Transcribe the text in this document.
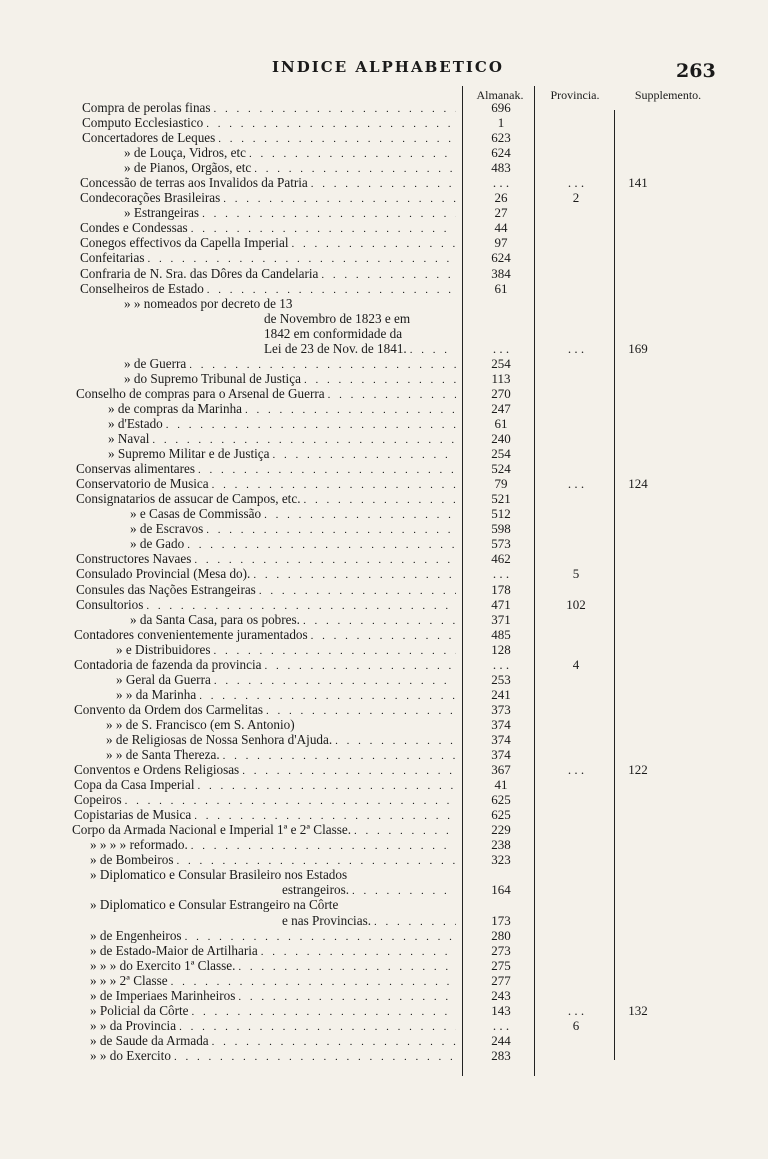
INDICE ALPHABETICO	263
Almanak.	Provincia.	Supplemento.
Compra de perolas finas . . .	696
Computo Ecclesiastico . . .	1
Concertadores de Leques . . .	623
» de Louça, Vidros, etc . . .	624
» de Pianos, Orgãos, etc . . .	483
Concessão de terras aos Invalidos da Patria . . .	. . .	. . .	141
Condecorações Brasileiras . . .	26	2
» Estrangeiras . . .	27
Condes e Condessas . . .	44
Conegos effectivos da Capella Imperial . . .	97
Confeitarias . . .	624
Confraria de N. Sra. das Dôres da Candelaria . . .	384
Conselheiros de Estado . . .	61
» » nomeados por decreto de 13
de Novembro de 1823 e em
1842 em conformidade da
Lei de 23 de Nov. de 1841. . . .	. . .	. . .	169
» de Guerra . . .	254
» do Supremo Tribunal de Justiça . . .	113
Conselho de compras para o Arsenal de Guerra . . .	270
» de compras da Marinha . . .	247
» d'Estado . . .	61
» Naval . . .	240
» Supremo Militar e de Justiça . . .	254
Conservas alimentares . . .	524
Conservatorio de Musica . . .	79	. . .	124
Consignatarios de assucar de Campos, etc. . . .	521
» e Casas de Commissão . . .	512
» de Escravos . . .	598
» de Gado . . .	573
Constructores Navaes . . .	462
Consulado Provincial (Mesa do). . . .	. . .	5
Consules das Nações Estrangeiras . . .	178
Consultorios . . .	471	102
» da Santa Casa, para os pobres. . . .	371
Contadores convenientemente juramentados . . .	485
» e Distribuidores . . .	128
Contadoria de fazenda da provincia . . .	. . .	4
» Geral da Guerra . . .	253
» » da Marinha . . .	241
Convento da Ordem dos Carmelitas . . .	373
» » de S. Francisco (em S. Antonio)	374
» de Religiosas de Nossa Senhora d'Ajuda. . . .	374
» » de Santa Thereza. . . .	374
Conventos e Ordens Religiosas . . .	367	. . .	122
Copa da Casa Imperial . . .	41
Copeiros . . .	625
Copistarias de Musica . . .	625
Corpo da Armada Nacional e Imperial 1ª e 2ª Classe. . . .	229
» » » » reformado. . . .	238
» de Bombeiros . . .	323
» Diplomatico e Consular Brasileiro nos Estados
estrangeiros. . . .	164
» Diplomatico e Consular Estrangeiro na Côrte
e nas Provincias. . . .	173
» de Engenheiros . . .	280
» de Estado-Maior de Artilharia . . .	273
» » » do Exercito 1ª Classe. . . .	275
» » » 2ª Classe . . .	277
» de Imperiaes Marinheiros . . .	243
» Policial da Côrte . . .	143	. . .	132
» » da Provincia . . .	. . .	6
» de Saude da Armada . . .	244
» » do Exercito . . .	283
